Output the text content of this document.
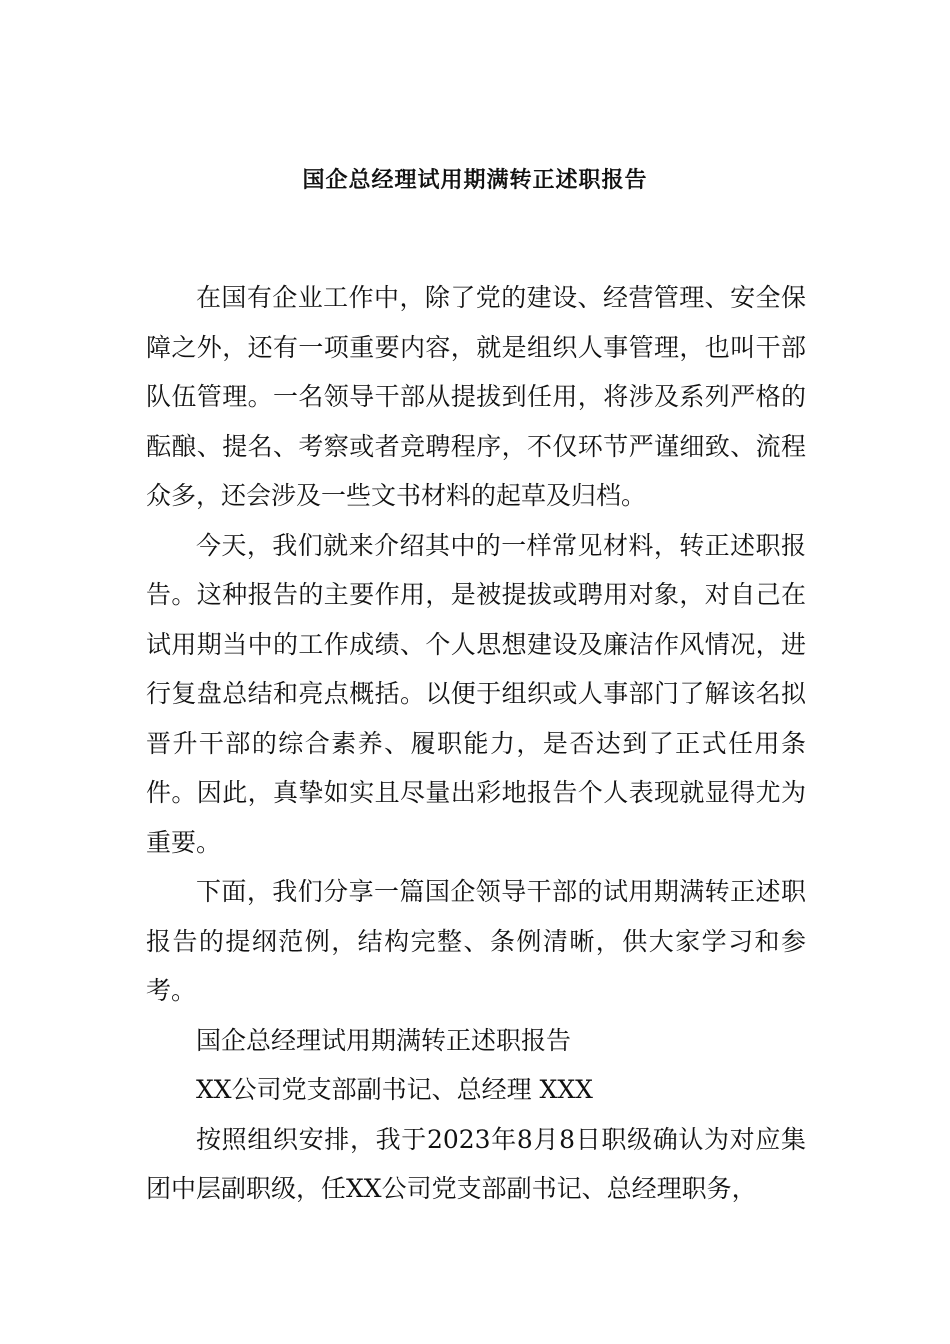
国企总经理试用期满转正述职报告

在国有企业工作中，除了党的建设、经营管理、安全保障之外，还有一项重要内容，就是组织人事管理，也叫干部队伍管理。一名领导干部从提拔到任用，将涉及系列严格的酝酿、提名、考察或者竞聘程序，不仅环节严谨细致、流程众多，还会涉及一些文书材料的起草及归档。

今天，我们就来介绍其中的一样常见材料，转正述职报告。这种报告的主要作用，是被提拔或聘用对象，对自己在试用期当中的工作成绩、个人思想建设及廉洁作风情况，进行复盘总结和亮点概括。以便于组织或人事部门了解该名拟晋升干部的综合素养、履职能力，是否达到了正式任用条件。因此，真挚如实且尽量出彩地报告个人表现就显得尤为重要。

下面，我们分享一篇国企领导干部的试用期满转正述职报告的提纲范例，结构完整、条例清晰，供大家学习和参考。

国企总经理试用期满转正述职报告

XX公司党支部副书记、总经理 XXX

按照组织安排，我于2023年8月8日职级确认为对应集团中层副职级，任XX公司党支部副书记、总经理职务，
